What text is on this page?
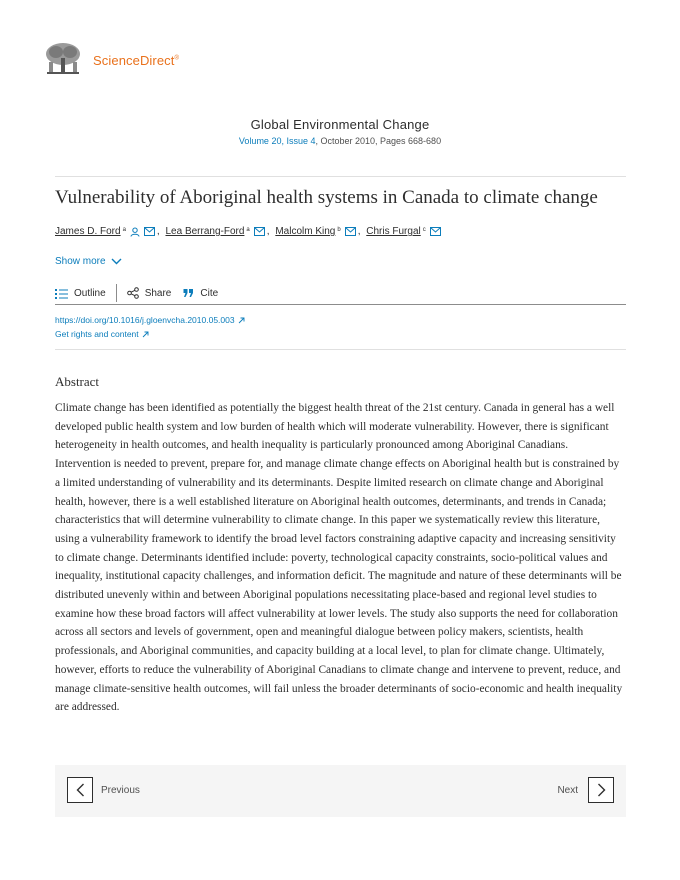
ScienceDirect®
Global Environmental Change
Volume 20, Issue 4, October 2010, Pages 668-680
Vulnerability of Aboriginal health systems in Canada to climate change
James D. Ford $^a$	, Lea Berrang-Ford $^a$ , Malcolm King $^b$ , Chris Furgal $^c$
Show more
Outline	Share	Cite
https://doi.org/10.1016/j.gloenvcha.2010.05.003
Get rights and content
Abstract

Climate change has been identified as potentially the biggest health threat of the 21st century. Canada in general has a well developed public health system and low burden of health which will moderate vulnerability. However, there is significant heterogeneity in health outcomes, and health inequality is particularly pronounced among Aboriginal Canadians. Intervention is needed to prevent, prepare for, and manage climate change effects on Aboriginal health but is constrained by a limited understanding of vulnerability and its determinants. Despite limited research on climate change and Aboriginal health, however, there is a well established literature on Aboriginal health outcomes, determinants, and trends in Canada; characteristics that will determine vulnerability to climate change. In this paper we systematically review this literature, using a vulnerability framework to identify the broad level factors constraining adaptive capacity and increasing sensitivity to climate change. Determinants identified include: poverty, technological capacity constraints, socio-political values and inequality, institutional capacity challenges, and information deficit. The magnitude and nature of these determinants will be distributed unevenly within and between Aboriginal populations necessitating place-based and regional level studies to examine how these broad factors will affect vulnerability at lower levels. The study also supports the need for collaboration across all sectors and levels of government, open and meaningful dialogue between policy makers, scientists, health professionals, and Aboriginal communities, and capacity building at a local level, to plan for climate change. Ultimately, however, efforts to reduce the vulnerability of Aboriginal Canadians to climate change and intervene to prevent, reduce, and manage climate-sensitive health outcomes, will fail unless the broader determinants of socio-economic and health inequality are addressed.

Previous	Next
